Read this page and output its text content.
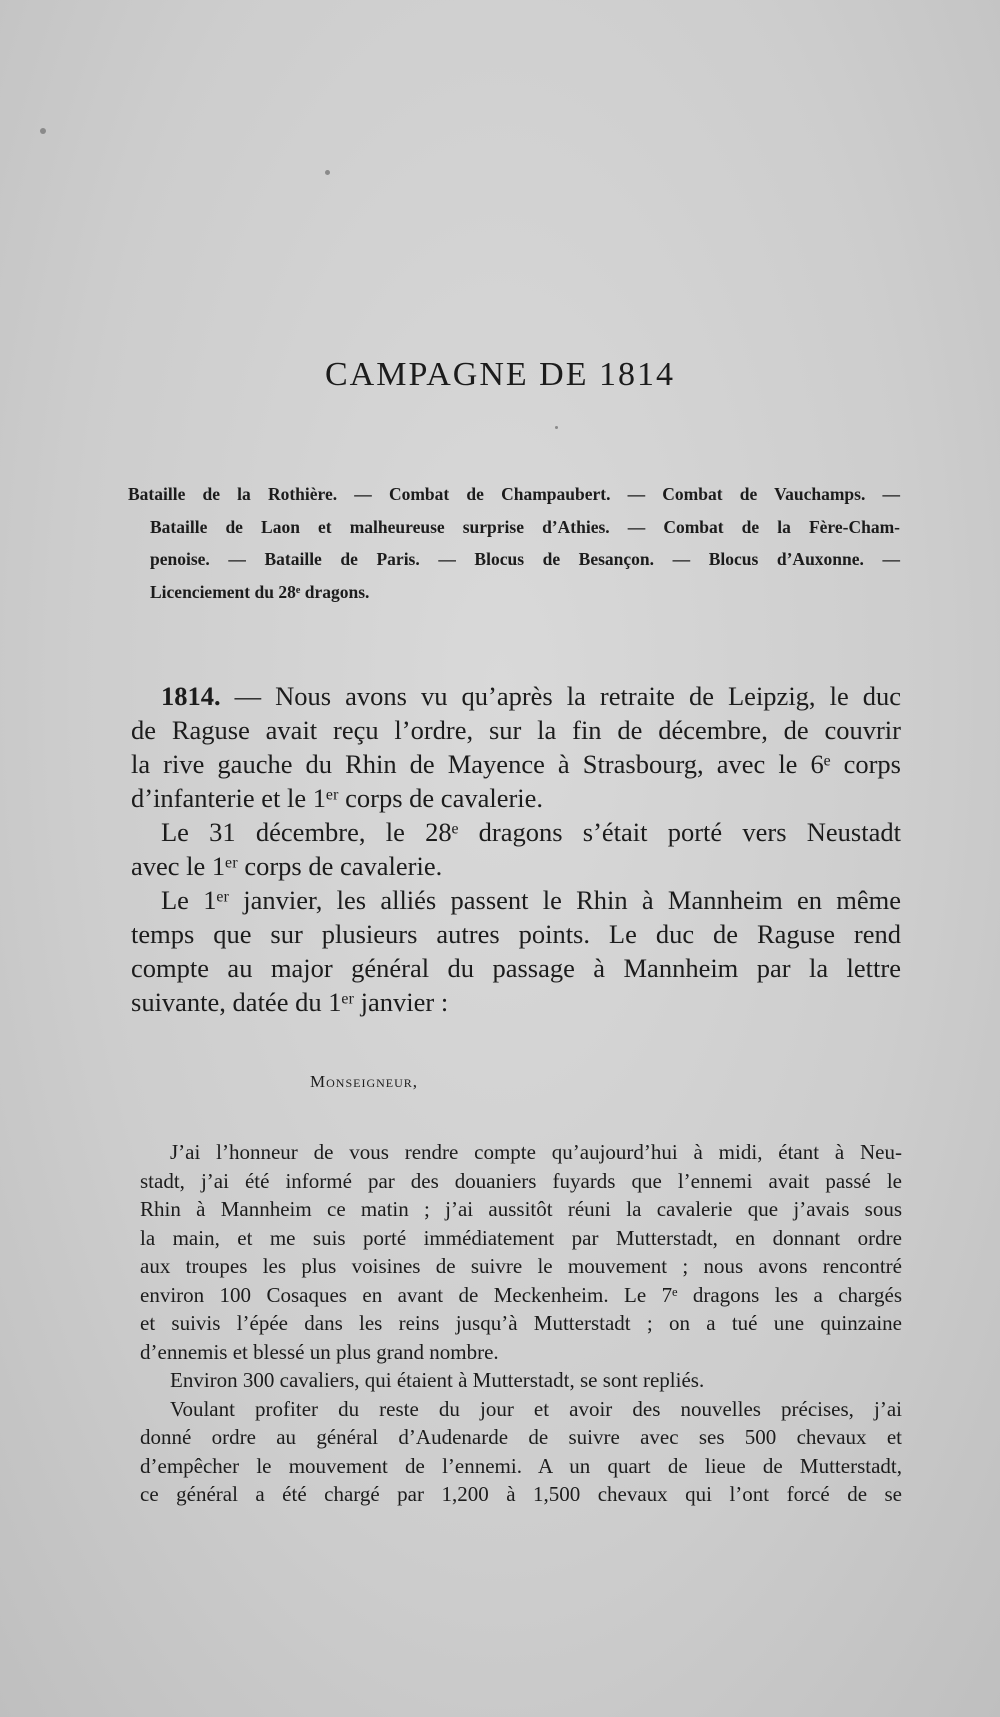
CAMPAGNE DE 1814
Bataille de la Rothière. — Combat de Champaubert. — Combat de Vauchamps. —
Bataille de Laon et malheureuse surprise d’Athies. — Combat de la Fère-Cham-
penoise. — Bataille de Paris. — Blocus de Besançon. — Blocus d’Auxonne. —
Licenciement du 28ᵉ dragons.

1814. — Nous avons vu qu’après la retraite de Leipzig, le duc
de Raguse avait reçu l’ordre, sur la fin de décembre, de couvrir
la rive gauche du Rhin de Mayence à Strasbourg, avec le 6ᵉ corps
d’infanterie et le 1ᵉʳ corps de cavalerie.

Le 31 décembre, le 28ᵉ dragons s’était porté vers Neustadt
avec le 1ᵉʳ corps de cavalerie.

Le 1ᵉʳ janvier, les alliés passent le Rhin à Mannheim en même
temps que sur plusieurs autres points. Le duc de Raguse rend
compte au major général du passage à Mannheim par la lettre
suivante, datée du 1ᵉʳ janvier :

Monseigneur,

J’ai l’honneur de vous rendre compte qu’aujourd’hui à midi, étant à Neu-
stadt, j’ai été informé par des douaniers fuyards que l’ennemi avait passé le
Rhin à Mannheim ce matin ; j’ai aussitôt réuni la cavalerie que j’avais sous
la main, et me suis porté immédiatement par Mutterstadt, en donnant ordre
aux troupes les plus voisines de suivre le mouvement ; nous avons rencontré
environ 100 Cosaques en avant de Meckenheim. Le 7ᵉ dragons les a chargés
et suivis l’épée dans les reins jusqu’à Mutterstadt ; on a tué une quinzaine
d’ennemis et blessé un plus grand nombre.

Environ 300 cavaliers, qui étaient à Mutterstadt, se sont repliés.

Voulant profiter du reste du jour et avoir des nouvelles précises, j’ai
donné ordre au général d’Audenarde de suivre avec ses 500 chevaux et
d’empêcher le mouvement de l’ennemi. A un quart de lieue de Mutterstadt,
ce général a été chargé par 1,200 à 1,500 chevaux qui l’ont forcé de se
